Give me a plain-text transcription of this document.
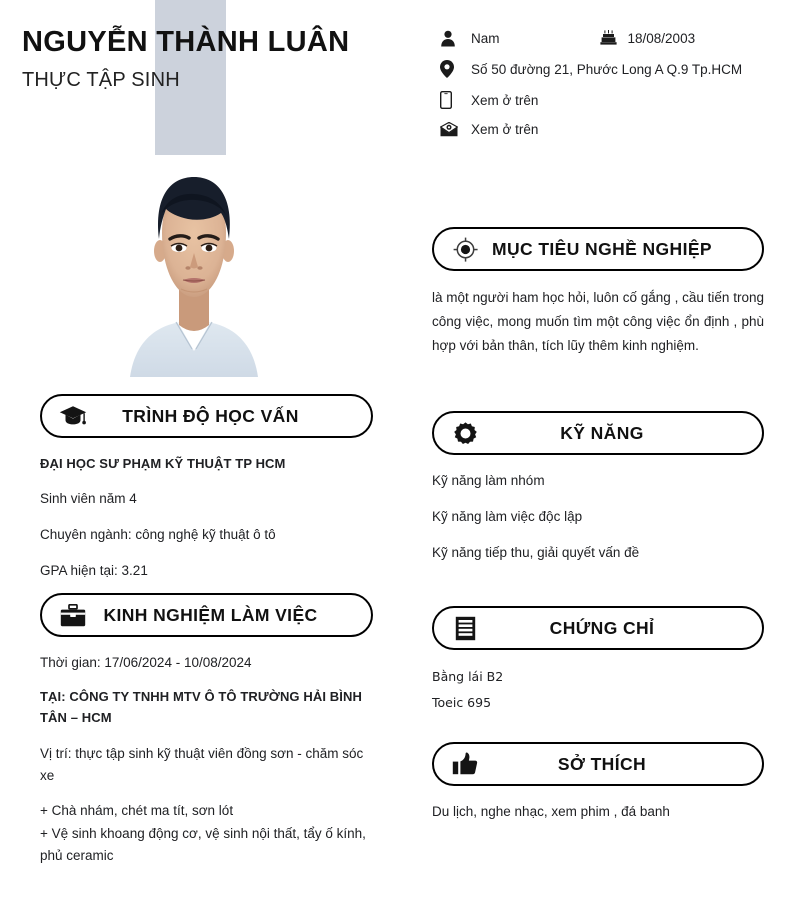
NGUYỄN THÀNH LUÂN
THỰC TẬP SINH
Nam	18/08/2003
Số 50 đường 21, Phước Long A Q.9 Tp.HCM
Xem ở trên
Xem ở trên
MỤC TIÊU NGHỀ NGHIỆP

là một người ham học hỏi, luôn cố gắng , cầu tiến trong công việc, mong muốn tìm một công việc ổn định , phù hợp với bản thân, tích lũy thêm kinh nghiệm.

KỸ NĂNG

Kỹ năng làm nhóm

Kỹ năng làm việc độc lập

Kỹ năng tiếp thu, giải quyết vấn đề

CHỨNG CHỈ

Bằng lái B2

Toeic 695

SỞ THÍCH

Du lịch, nghe nhạc, xem phim , đá banh

TRÌNH ĐỘ HỌC VẤN

ĐẠI HỌC SƯ PHẠM KỸ THUẬT TP HCM

Sinh viên năm 4

Chuyên ngành: công nghệ kỹ thuật ô tô

GPA hiện tại: 3.21

KINH NGHIỆM LÀM VIỆC

Thời gian: 17/06/2024 - 10/08/2024

TẠI: CÔNG TY TNHH MTV Ô TÔ TRƯỜNG HẢI BÌNH TÂN – HCM

Vị trí: thực tập sinh kỹ thuật viên đồng sơn - chăm sóc xe

+ Chà nhám, chét ma tít, sơn lót

+ Vệ sinh khoang động cơ, vệ sinh nội thất, tẩy ố kính, phủ ceramic
